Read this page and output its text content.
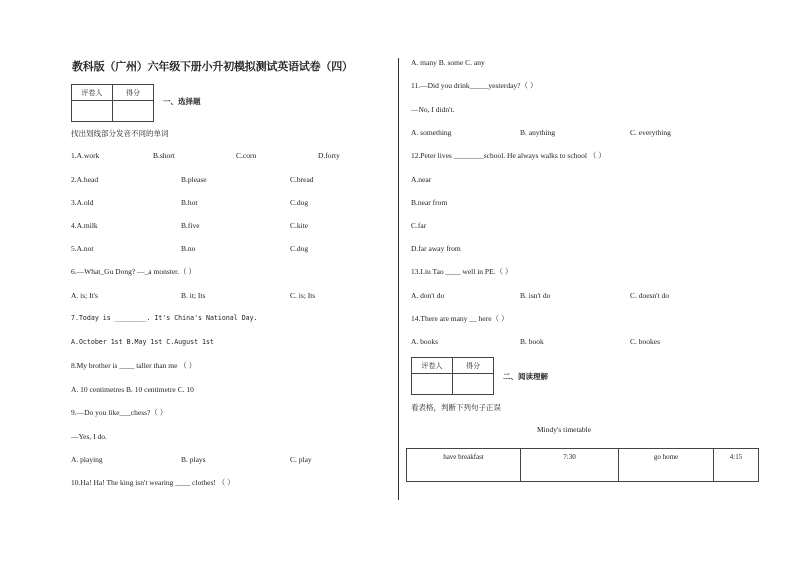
教科版（广州）六年级下册小升初模拟测试英语试卷（四）
评卷人	得分

一、选择题
找出划线部分发音不同的单词
1.A.work	B.short	C.corn	D.forty
2.A.head	B.please	C.bread
3.A.old	B.hot	C.dog
4.A.milk	B.five	C.kite
5.A.not	B.no	C.dog
6.—What_Gu Dong? —_a monster.（ ）
A. is; It's	B. it; Its	C. is; Its
7.Today is ________. It's China's National Day.
A.October 1st B.May 1st C.August 1st
8.My brother is ____ taller than me （ ）
A. 10 centimetres B. 10 centimetre C. 10
9.—Do you like___chess?（ ）
—Yes, I do.
A. playing	B. plays	C. play
10.Ha! Ha! The king isn't wearing ____ clothes! （ ）
A. many B. some C. any
11.—Did you drink_____yesterday?（ ）
—No, I didn't.
A. something	B. anything	C. everything
12.Peter lives ________school. He always walks to school （ ）
A.near
B.near from
C.far
D.far away from
13.Liu Tao ____ well in PE.（ ）
A. don't do	B. isn't do	C. doesn't do
14.There are many __ here（ ）
A. books	B. book	C. bookes
评卷人	得分

二、阅读理解
看表格，判断下列句子正误
Mindy's timetable
have breakfast	7:30	go home	4:15
